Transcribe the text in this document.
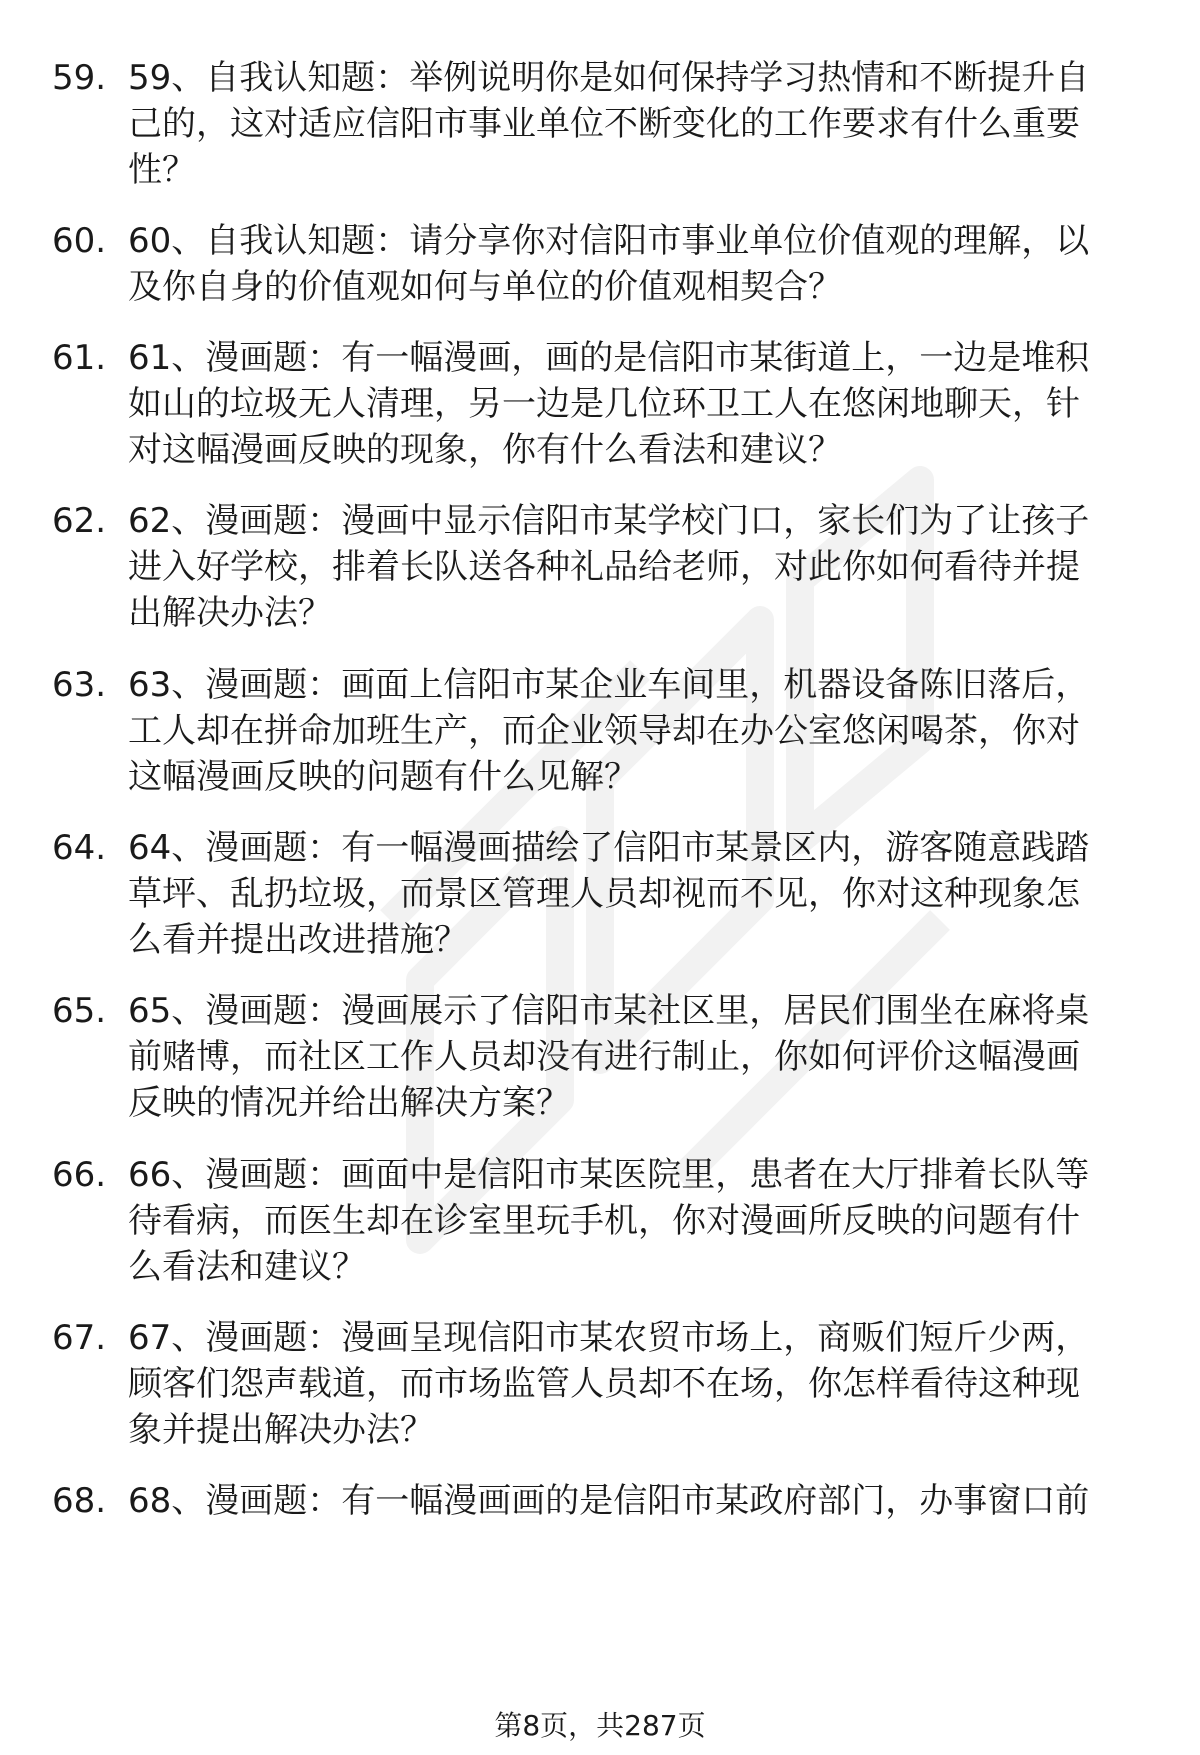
59. 59、自我认知题：举例说明你是如何保持学习热情和不断提升自
己的，这对适应信阳市事业单位不断变化的工作要求有什么重要
性？
60. 60、自我认知题：请分享你对信阳市事业单位价值观的理解，以
及你自身的价值观如何与单位的价值观相契合？
61. 61、漫画题：有一幅漫画，画的是信阳市某街道上，一边是堆积
如山的垃圾无人清理，另一边是几位环卫工人在悠闲地聊天，针
对这幅漫画反映的现象，你有什么看法和建议？
62. 62、漫画题：漫画中显示信阳市某学校门口，家长们为了让孩子
进入好学校，排着长队送各种礼品给老师，对此你如何看待并提
出解决办法？
63. 63、漫画题：画面上信阳市某企业车间里，机器设备陈旧落后，
工人却在拼命加班生产，而企业领导却在办公室悠闲喝茶，你对
这幅漫画反映的问题有什么见解？
64. 64、漫画题：有一幅漫画描绘了信阳市某景区内，游客随意践踏
草坪、乱扔垃圾，而景区管理人员却视而不见，你对这种现象怎
么看并提出改进措施？
65. 65、漫画题：漫画展示了信阳市某社区里，居民们围坐在麻将桌
前赌博，而社区工作人员却没有进行制止，你如何评价这幅漫画
反映的情况并给出解决方案？
66. 66、漫画题：画面中是信阳市某医院里，患者在大厅排着长队等
待看病，而医生却在诊室里玩手机，你对漫画所反映的问题有什
么看法和建议？
67. 67、漫画题：漫画呈现信阳市某农贸市场上，商贩们短斤少两，
顾客们怨声载道，而市场监管人员却不在场，你怎样看待这种现
象并提出解决办法？
68. 68、漫画题：有一幅漫画画的是信阳市某政府部门，办事窗口前
第8页，共287页
